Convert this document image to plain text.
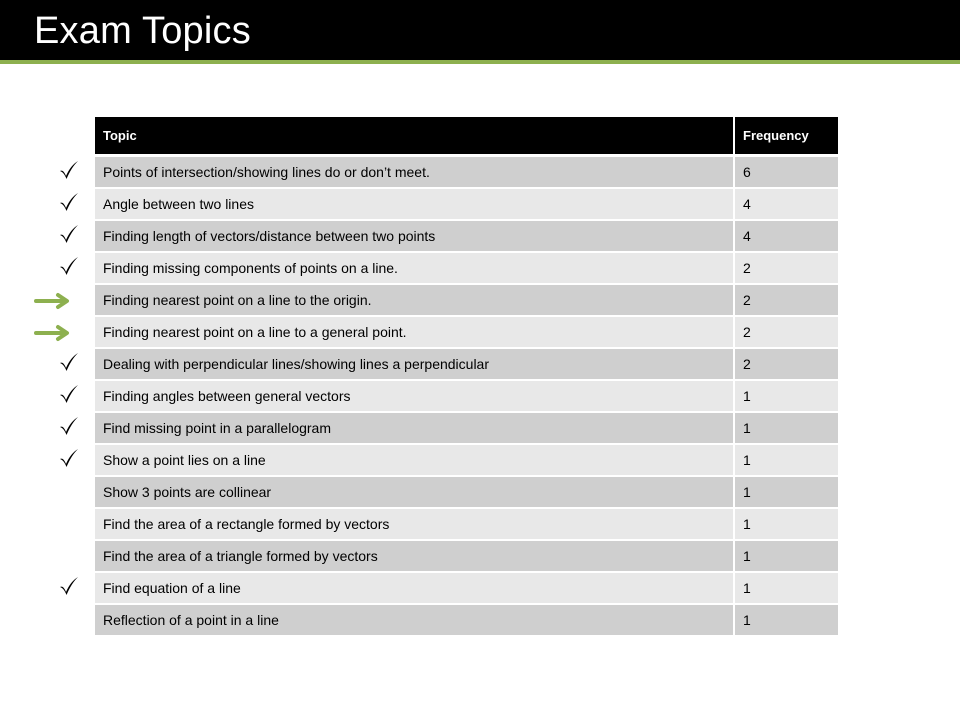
Exam Topics
Topic	Frequency
Points of intersection/showing lines do or don’t meet.	6
Angle between two lines	4
Finding length of vectors/distance between two points	4
Finding missing components of points on a line.	2
Finding nearest point on a line to the origin.	2
Finding nearest point on a line to a general point.	2
Dealing with perpendicular lines/showing lines a perpendicular	2
Finding angles between general vectors	1
Find missing point in a parallelogram	1
Show a point lies on a line	1
Show 3 points are collinear	1
Find the area of a rectangle formed by vectors	1
Find the area of a triangle formed by vectors	1
Find equation of a line	1
Reflection of a point in a line	1
